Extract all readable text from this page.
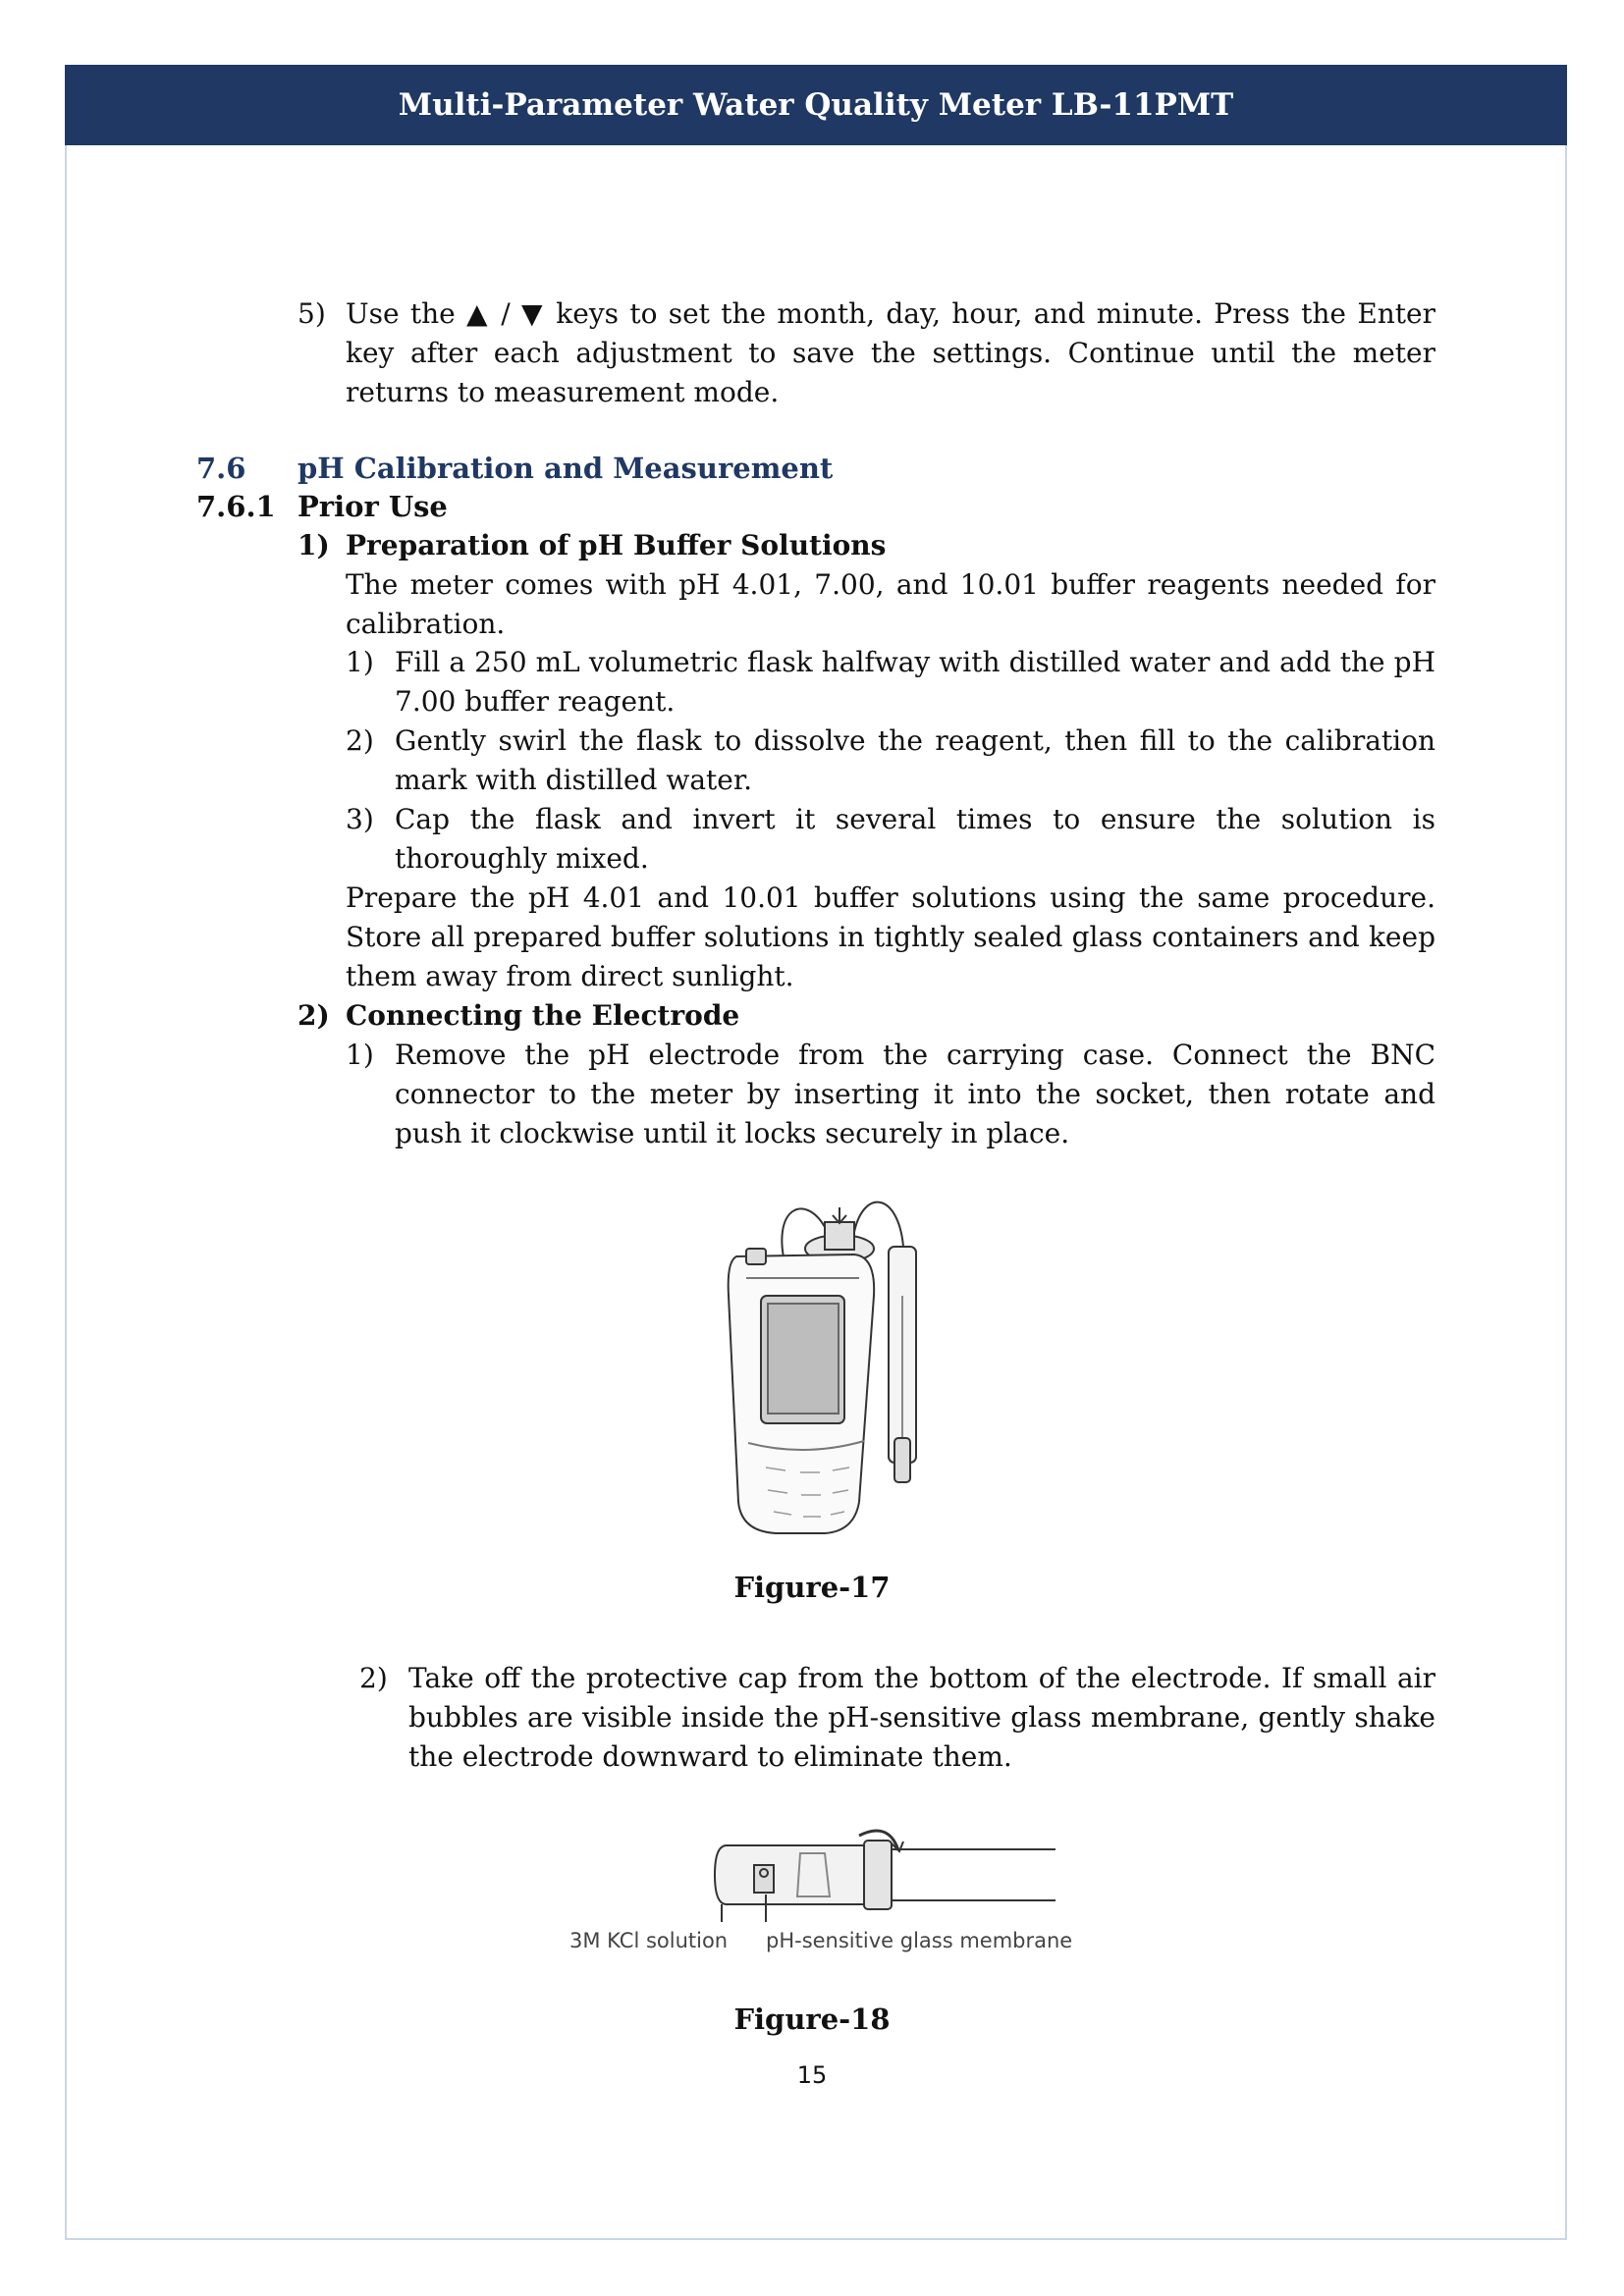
Multi-Parameter Water Quality Meter LB-11PMT
5) Use the ▲ / ▼ keys to set the month, day, hour, and minute. Press the Enter key after each adjustment to save the settings. Continue until the meter returns to measurement mode.
7.6 pH Calibration and Measurement
7.6.1 Prior Use
1) Preparation of pH Buffer Solutions
The meter comes with pH 4.01, 7.00, and 10.01 buffer reagents needed for calibration.
1) Fill a 250 mL volumetric flask halfway with distilled water and add the pH 7.00 buffer reagent.
2) Gently swirl the flask to dissolve the reagent, then fill to the calibration mark with distilled water.
3) Cap the flask and invert it several times to ensure the solution is thoroughly mixed.
Prepare the pH 4.01 and 10.01 buffer solutions using the same procedure. Store all prepared buffer solutions in tightly sealed glass containers and keep them away from direct sunlight.
2) Connecting the Electrode
1) Remove the pH electrode from the carrying case. Connect the BNC connector to the meter by inserting it into the socket, then rotate and push it clockwise until it locks securely in place.
Figure-17
2) Take off the protective cap from the bottom of the electrode. If small air bubbles are visible inside the pH-sensitive glass membrane, gently shake the electrode downward to eliminate them.
3M KCl solution pH-sensitive glass membrane
Figure-18
15
